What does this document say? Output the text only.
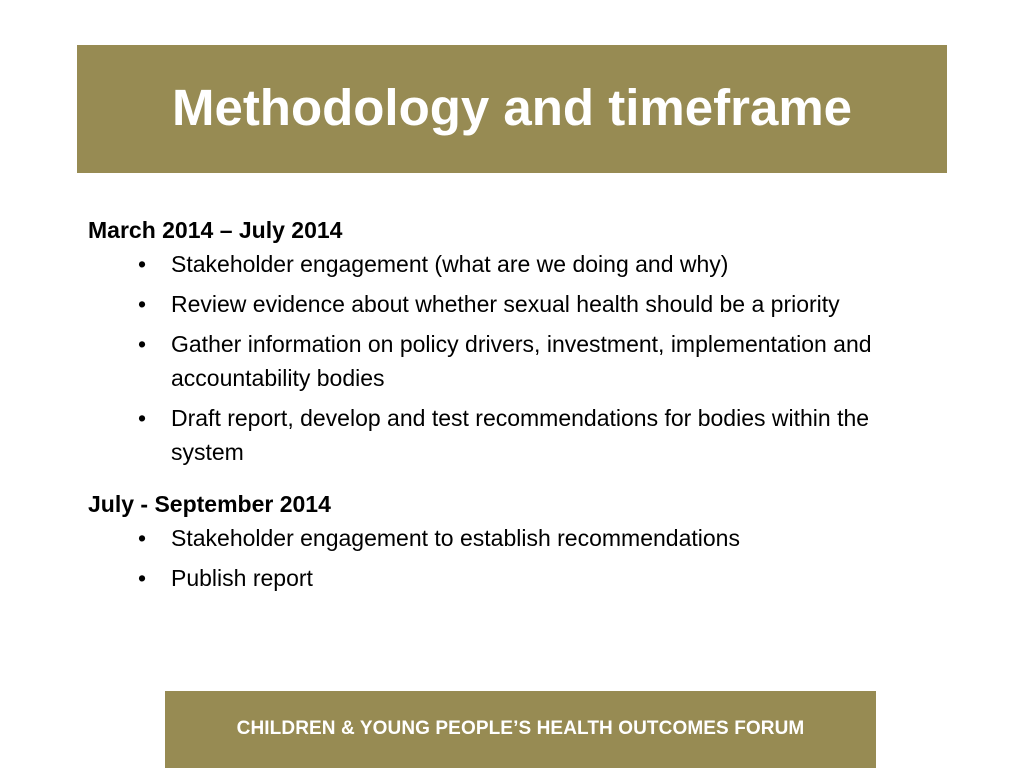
Methodology and timeframe

March 2014 – July 2014

• Stakeholder engagement (what are we doing and why)
• Review evidence about whether sexual health should be a priority
• Gather information on policy drivers, investment, implementation and accountability bodies
• Draft report, develop and test recommendations for bodies within the system

July - September 2014

• Stakeholder engagement to establish recommendations
• Publish report
CHILDREN & YOUNG PEOPLE’S HEALTH OUTCOMES FORUM
